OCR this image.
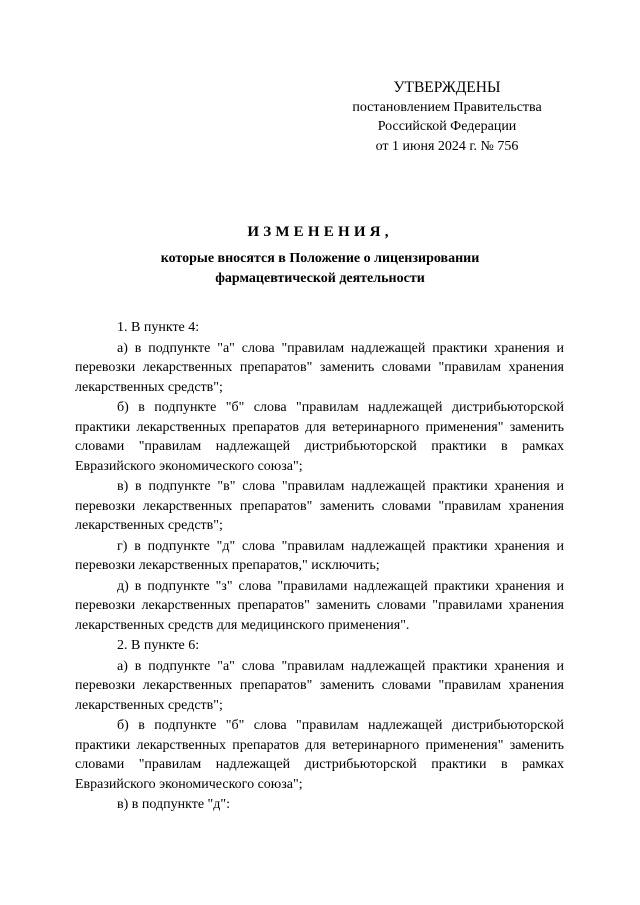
УТВЕРЖДЕНЫ
постановлением Правительства
Российской Федерации
от 1 июня 2024 г. № 756
ИЗМЕНЕНИЯ,
которые вносятся в Положение о лицензировании
фармацевтической деятельности

1. В пункте 4:

а) в подпункте "а" слова "правилам надлежащей практики хранения и перевозки лекарственных препаратов" заменить словами "правилам хранения лекарственных средств";

б) в подпункте "б" слова "правилам надлежащей дистрибьюторской практики лекарственных препаратов для ветеринарного применения" заменить словами "правилам надлежащей дистрибьюторской практики в рамках Евразийского экономического союза";

в) в подпункте "в" слова "правилам надлежащей практики хранения и перевозки лекарственных препаратов" заменить словами "правилам хранения лекарственных средств";

г) в подпункте "д" слова "правилам надлежащей практики хранения и перевозки лекарственных препаратов," исключить;

д) в подпункте "з" слова "правилами надлежащей практики хранения и перевозки лекарственных препаратов" заменить словами "правилами хранения лекарственных средств для медицинского применения".

2. В пункте 6:

а) в подпункте "а" слова "правилам надлежащей практики хранения и перевозки лекарственных препаратов" заменить словами "правилам хранения лекарственных средств";

б) в подпункте "б" слова "правилам надлежащей дистрибьюторской практики лекарственных препаратов для ветеринарного применения" заменить словами "правилам надлежащей дистрибьюторской практики в рамках Евразийского экономического союза";

в) в подпункте "д":
